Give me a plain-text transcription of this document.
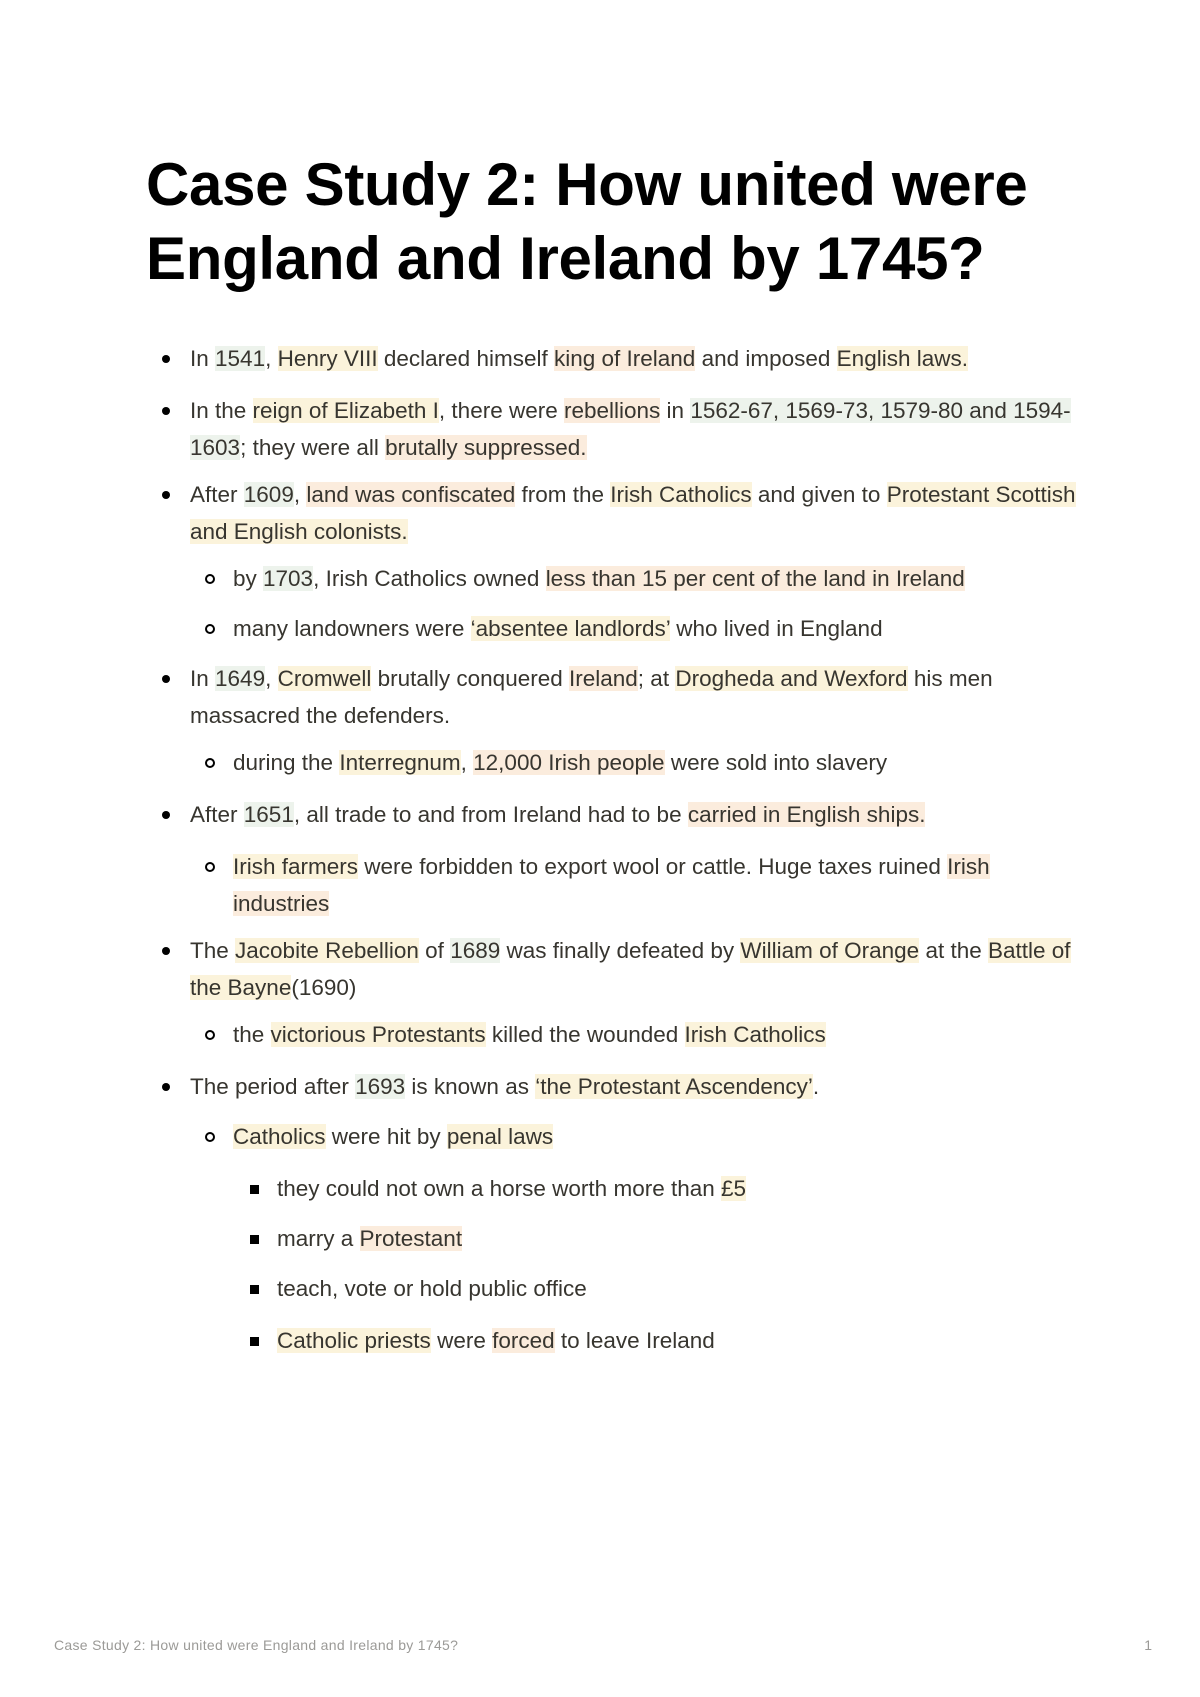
Case Study 2: How united were England and Ireland by 1745?
In 1541, Henry VIII declared himself king of Ireland and imposed English laws.
In the reign of Elizabeth I, there were rebellions in 1562-67, 1569-73, 1579-80 and 1594-1603; they were all brutally suppressed.
After 1609, land was confiscated from the Irish Catholics and given to Protestant Scottish and English colonists.
by 1703, Irish Catholics owned less than 15 per cent of the land in Ireland
many landowners were ‘absentee landlords’ who lived in England
In 1649, Cromwell brutally conquered Ireland; at Drogheda and Wexford his men massacred the defenders.
during the Interregnum, 12,000 Irish people were sold into slavery
After 1651, all trade to and from Ireland had to be carried in English ships.
Irish farmers were forbidden to export wool or cattle. Huge taxes ruined Irish industries
The Jacobite Rebellion of 1689 was finally defeated by William of Orange at the Battle of the Bayne(1690)
the victorious Protestants killed the wounded Irish Catholics
The period after 1693 is known as ‘the Protestant Ascendency’.
Catholics were hit by penal laws
they could not own a horse worth more than £5
marry a Protestant
teach, vote or hold public office
Catholic priests were forced to leave Ireland
Case Study 2: How united were England and Ireland by 1745?	1
